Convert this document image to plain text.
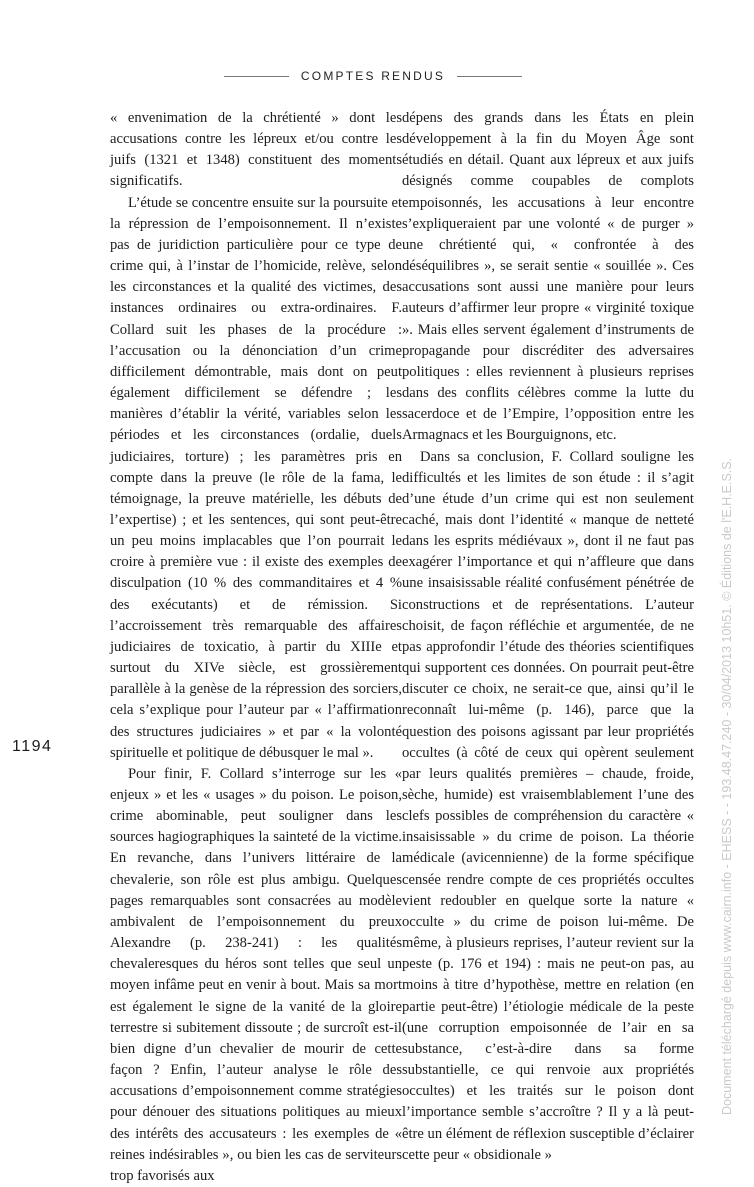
COMPTES RENDUS

« envenimation de la chrétienté » dont les accusations contre les lépreux et/ou contre les juifs (1321 et 1348) constituent des moments significatifs.

L’étude se concentre ensuite sur la poursuite et la répression de l’empoisonnement. Il n’existe pas de juridiction particulière pour ce type de crime qui, à l’instar de l’homicide, relève, selon les circonstances et la qualité des victimes, des instances ordinaires ou extra-ordinaires. F. Collard suit les phases de la procédure : l’accusation ou la dénonciation d’un crime difficilement démontrable, mais dont on peut également difficilement se défendre ; les manières d’établir la vérité, variables selon les périodes et les circonstances (ordalie, duels judiciaires, torture) ; les paramètres pris en compte dans la preuve (le rôle de la fama, le témoignage, la preuve matérielle, les débuts de l’expertise) ; et les sentences, qui sont peut-être un peu moins implacables que l’on pourrait le croire à première vue : il existe des exemples de disculpation (10 % des commanditaires et 4 % des exécutants) et de rémission. Si l’accroissement très remarquable des affaires judiciaires de toxicatio, à partir du XIIIe et surtout du XIVe siècle, est grossièrement parallèle à la genèse de la répression des sorciers, cela s’explique pour l’auteur par « l’affirmation des structures judiciaires » et par « la volonté spirituelle et politique de débusquer le mal ».

Pour finir, F. Collard s’interroge sur les « enjeux » et les « usages » du poison. Le poison, crime abominable, peut souligner dans les sources hagiographiques la sainteté de la victime. En revanche, dans l’univers littéraire de la chevalerie, son rôle est plus ambigu. Quelques pages remarquables sont consacrées au modèle ambivalent de l’empoisonnement du preux Alexandre (p. 238-241) : les qualités chevaleresques du héros sont telles que seul un moyen infâme peut en venir à bout. Mais sa mort est également le signe de la vanité de la gloire terrestre si subitement dissoute ; de surcroît est-il bien digne d’un chevalier de mourir de cette façon ? Enfin, l’auteur analyse le rôle des accusations d’empoisonnement comme stratégies pour dénouer des situations politiques au mieux des intérêts des accusateurs : les exemples de « reines indésirables », ou bien les cas de serviteurs trop favorisés aux

dépens des grands dans les États en plein développement à la fin du Moyen Âge sont étudiés en détail. Quant aux lépreux et aux juifs désignés comme coupables de complots empoisonnés, les accusations à leur encontre s’expliqueraient par une volonté « de purger » une chrétienté qui, « confrontée à des déséquilibres », se serait sentie « souillée ». Ces accusations sont aussi une manière pour leurs auteurs d’affirmer leur propre « virginité toxique ». Mais elles servent également d’instruments de propagande pour discréditer des adversaires politiques : elles reviennent à plusieurs reprises dans des conflits célèbres comme la lutte du sacerdoce et de l’Empire, l’opposition entre les Armagnacs et les Bourguignons, etc.

Dans sa conclusion, F. Collard souligne les difficultés et les limites de son étude : il s’agit d’une étude d’un crime qui est non seulement caché, mais dont l’identité « manque de netteté dans les esprits médiévaux », dont il ne faut pas exagérer l’importance et qui n’affleure que dans une insaisissable réalité confusément pénétrée de constructions et de représentations. L’auteur choisit, de façon réfléchie et argumentée, de ne pas approfondir l’étude des théories scientifiques qui supportent ces données. On pourrait peut-être discuter ce choix, ne serait-ce que, ainsi qu’il le reconnaît lui-même (p. 146), parce que la question des poisons agissant par leur propriétés occultes (à côté de ceux qui opèrent seulement par leurs qualités premières – chaude, froide, sèche, humide) est vraisemblablement l’une des clefs possibles de compréhension du caractère « insaisissable » du crime de poison. La théorie médicale (avicennienne) de la forme spécifique censée rendre compte de ces propriétés occultes vient redoubler en quelque sorte la nature « occulte » du crime de poison lui-même. De même, à plusieurs reprises, l’auteur revient sur la peste (p. 176 et 194) : mais ne peut-on pas, au moins à titre d’hypothèse, mettre en relation (en partie peut-être) l’étiologie médicale de la peste (une corruption empoisonnée de l’air en sa substance, c’est-à-dire dans sa forme substantielle, ce qui renvoie aux propriétés occultes) et les traités sur le poison dont l’importance semble s’accroître ? Il y a là peut-être un élément de réflexion susceptible d’éclairer cette peur « obsidionale »

1194	Document téléchargé depuis www.cairn.info - EHESS - - 193.48.47.240 - 30/04/2013 10h51. © Éditions de l'E.H.E.S.S.
